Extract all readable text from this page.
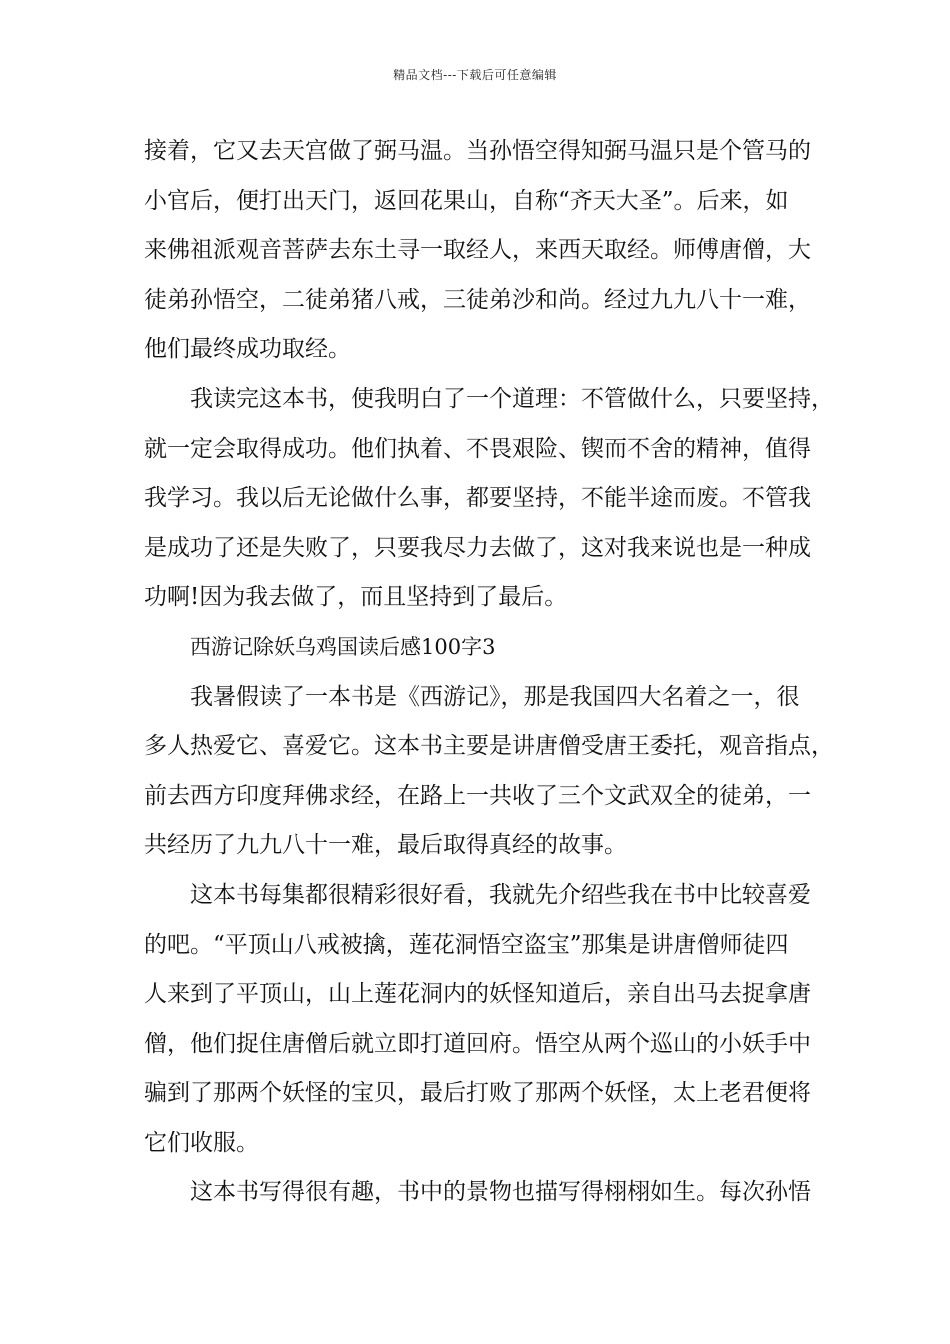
精品文档---下载后可任意编辑
接着，它又去天宫做了弼马温。当孙悟空得知弼马温只是个管马的
小官后，便打出天门，返回花果山，自称“齐天大圣”。后来，如
来佛祖派观音菩萨去东土寻一取经人，来西天取经。师傅唐僧，大
徒弟孙悟空，二徒弟猪八戒，三徒弟沙和尚。经过九九八十一难，
他们最终成功取经。
我读完这本书，使我明白了一个道理：不管做什么，只要坚持，
就一定会取得成功。他们执着、不畏艰险、锲而不舍的精神，值得
我学习。我以后无论做什么事，都要坚持，不能半途而废。不管我
是成功了还是失败了，只要我尽力去做了，这对我来说也是一种成
功啊!因为我去做了，而且坚持到了最后。
西游记除妖乌鸡国读后感100字3
我暑假读了一本书是《西游记》，那是我国四大名着之一，很
多人热爱它、喜爱它。这本书主要是讲唐僧受唐王委托，观音指点，
前去西方印度拜佛求经，在路上一共收了三个文武双全的徒弟，一
共经历了九九八十一难，最后取得真经的故事。
这本书每集都很精彩很好看，我就先介绍些我在书中比较喜爱
的吧。“平顶山八戒被擒，莲花洞悟空盗宝”那集是讲唐僧师徒四
人来到了平顶山，山上莲花洞内的妖怪知道后，亲自出马去捉拿唐
僧，他们捉住唐僧后就立即打道回府。悟空从两个巡山的小妖手中
骗到了那两个妖怪的宝贝，最后打败了那两个妖怪，太上老君便将
它们收服。
这本书写得很有趣，书中的景物也描写得栩栩如生。每次孙悟
